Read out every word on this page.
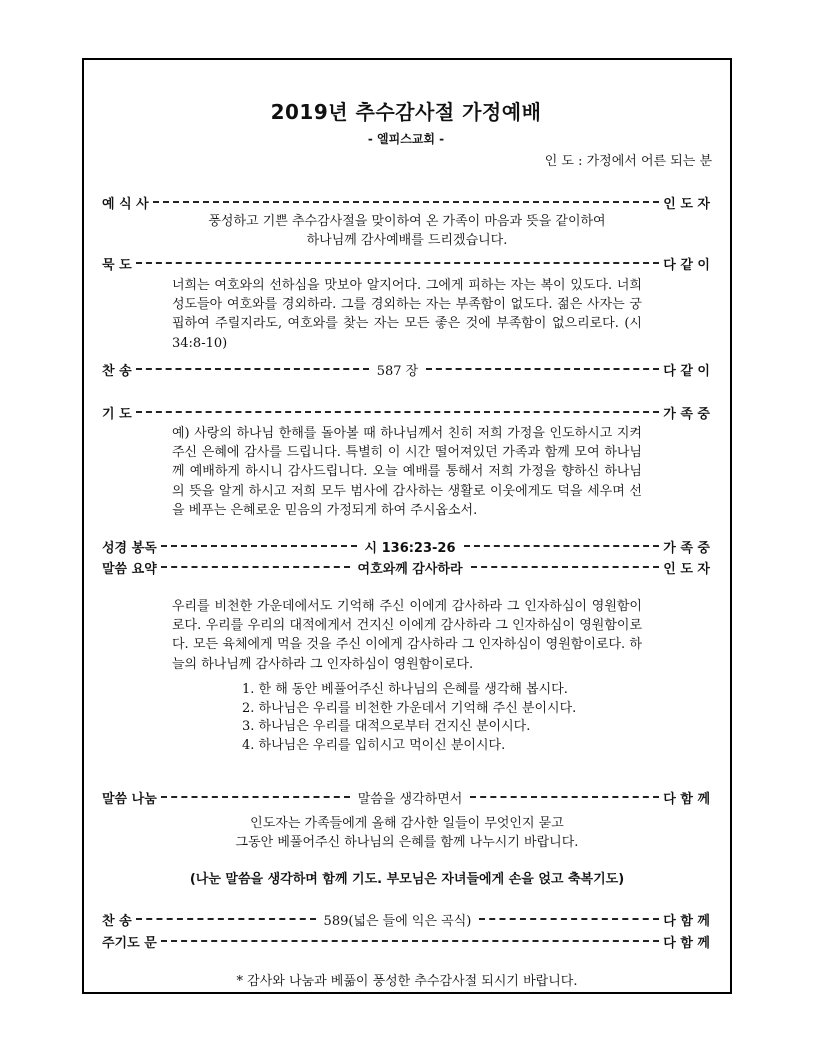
2019년 추수감사절 가정예배
- 엘피스교회 -
인 도 : 가정에서 어른 되는 분
예 식 사	인 도 자
풍성하고 기쁜 추수감사절을 맞이하여 온 가족이 마음과 뜻을 같이하여
하나님께 감사예배를 드리겠습니다.
묵 도	다 같 이
너희는 여호와의 선하심을 맛보아 알지어다. 그에게 피하는 자는 복이 있도다. 너희 성도들아 여호와를 경외하라. 그를 경외하는 자는 부족함이 없도다. 젊은 사자는 궁핍하여 주릴지라도, 여호와를 찾는 자는 모든 좋은 것에 부족함이 없으리로다. (시 34:8-10)
찬 송	587 장	다 같 이
기 도	가 족 중
예) 사랑의 하나님 한해를 돌아볼 때 하나님께서 친히 저희 가정을 인도하시고 지켜주신 은혜에 감사를 드립니다. 특별히 이 시간 떨어져있던 가족과 함께 모여 하나님께 예배하게 하시니 감사드립니다. 오늘 예배를 통해서 저희 가정을 향하신 하나님의 뜻을 알게 하시고 저희 모두 범사에 감사하는 생활로 이웃에게도 덕을 세우며 선을 베푸는 은혜로운 믿음의 가정되게 하여 주시옵소서.
성경 봉독	시 136:23-26	가 족 중
말씀 요약	여호와께 감사하라	인 도 자
우리를 비천한 가운데에서도 기억해 주신 이에게 감사하라 그 인자하심이 영원함이로다. 우리를 우리의 대적에게서 건지신 이에게 감사하라 그 인자하심이 영원함이로다. 모든 육체에게 먹을 것을 주신 이에게 감사하라 그 인자하심이 영원함이로다. 하늘의 하나님께 감사하라 그 인자하심이 영원함이로다.
1. 한 해 동안 베풀어주신 하나님의 은혜를 생각해 봅시다.
2. 하나님은 우리를 비천한 가운데서 기억해 주신 분이시다.
3. 하나님은 우리를 대적으로부터 건지신 분이시다.
4. 하나님은 우리를 입히시고 먹이신 분이시다.
말씀 나눔	말씀을 생각하면서	다 함 께
인도자는 가족들에게 올해 감사한 일들이 무엇인지 묻고
그동안 베풀어주신 하나님의 은혜를 함께 나누시기 바랍니다.
(나눈 말씀을 생각하며 함께 기도. 부모님은 자녀들에게 손을 얹고 축복기도)
찬 송	589(넓은 들에 익은 곡식)	다 함 께
주기도 문	다 함 께
* 감사와 나눔과 베풂이 풍성한 추수감사절 되시기 바랍니다.
